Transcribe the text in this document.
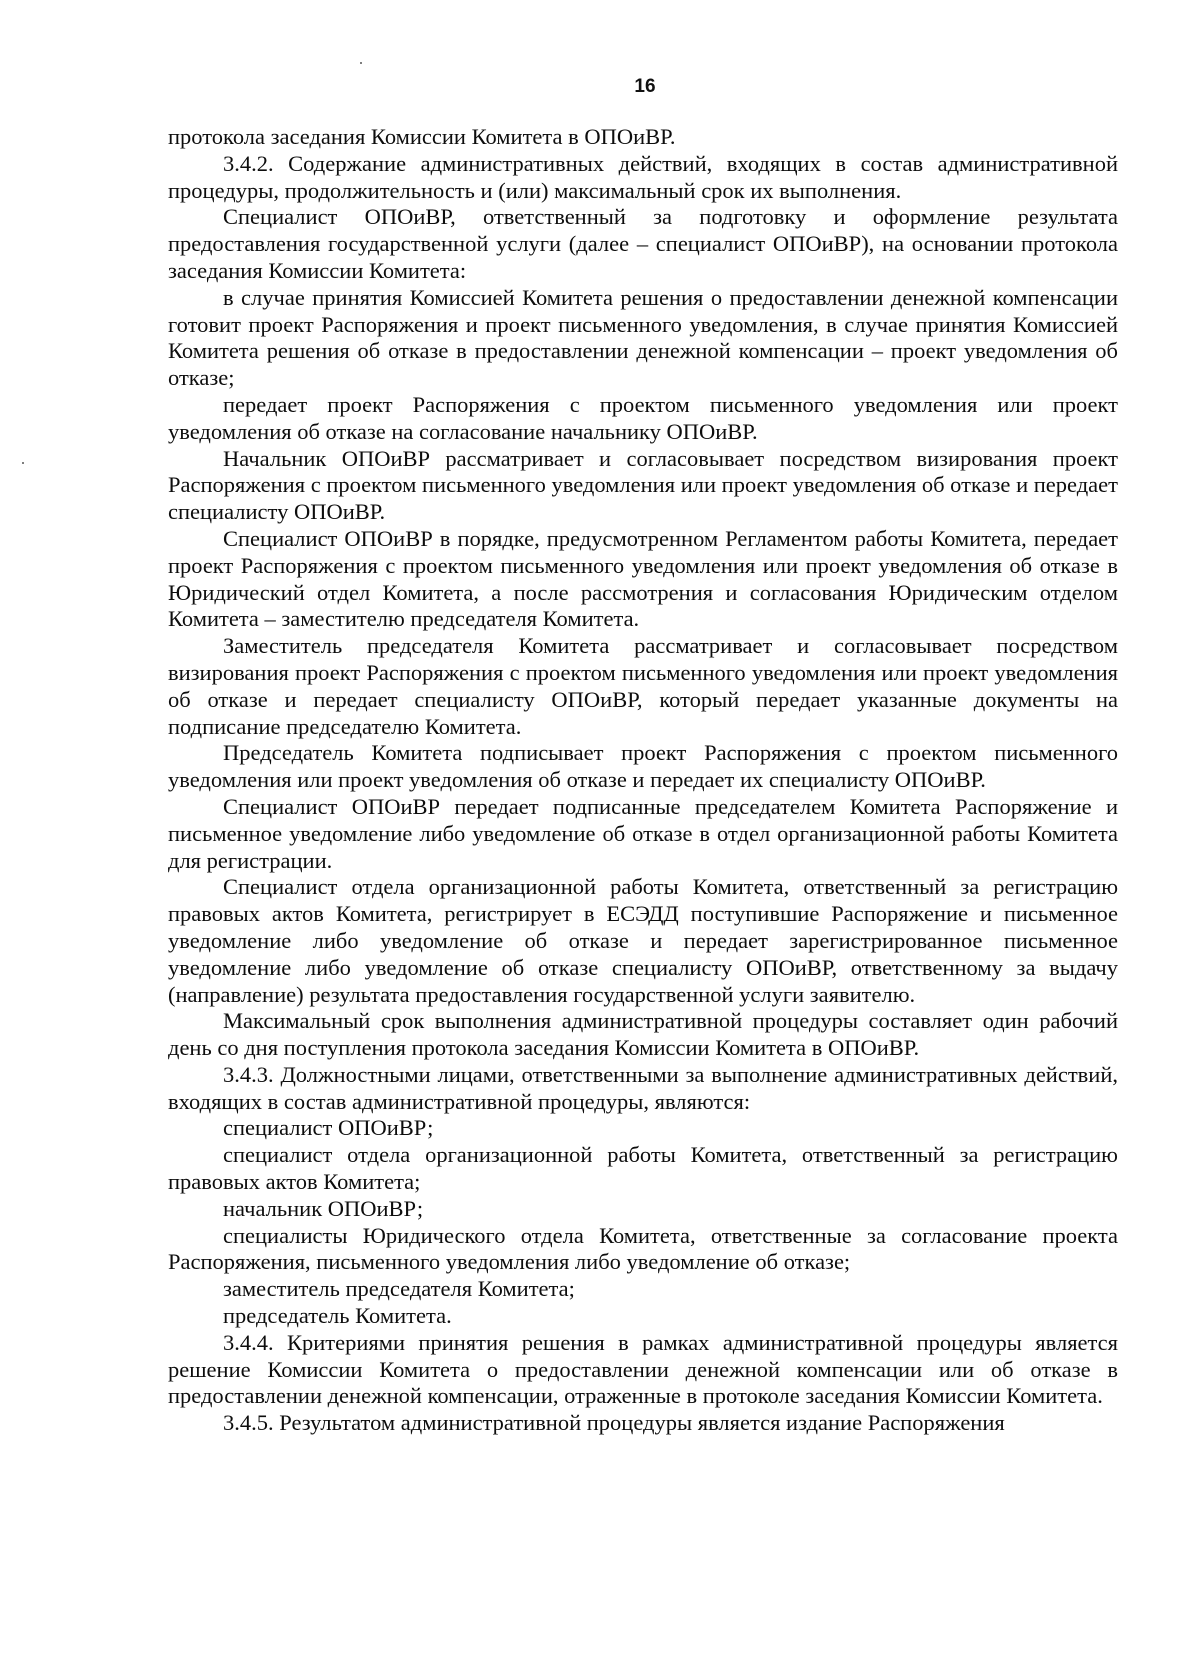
16

протокола заседания Комиссии Комитета в ОПОиВР.

3.4.2. Содержание административных действий, входящих в состав административной процедуры, продолжительность и (или) максимальный срок их выполнения.

Специалист ОПОиВР, ответственный за подготовку и оформление результата предоставления государственной услуги (далее – специалист ОПОиВР), на основании протокола заседания Комиссии Комитета:

в случае принятия Комиссией Комитета решения о предоставлении денежной компенсации готовит проект Распоряжения и проект письменного уведомления, в случае принятия Комиссией Комитета решения об отказе в предоставлении денежной компенсации – проект уведомления об отказе;

передает проект Распоряжения с проектом письменного уведомления или проект уведомления об отказе на согласование начальнику ОПОиВР.

Начальник ОПОиВР рассматривает и согласовывает посредством визирования проект Распоряжения с проектом письменного уведомления или проект уведомления об отказе и передает специалисту ОПОиВР.

Специалист ОПОиВР в порядке, предусмотренном Регламентом работы Комитета, передает проект Распоряжения с проектом письменного уведомления или проект уведомления об отказе в Юридический отдел Комитета, а после рассмотрения и согласования Юридическим отделом Комитета – заместителю председателя Комитета.

Заместитель председателя Комитета рассматривает и согласовывает посредством визирования проект Распоряжения с проектом письменного уведомления или проект уведомления об отказе и передает специалисту ОПОиВР, который передает указанные документы на подписание председателю Комитета.

Председатель Комитета подписывает проект Распоряжения с проектом письменного уведомления или проект уведомления об отказе и передает их специалисту ОПОиВР.

Специалист ОПОиВР передает подписанные председателем Комитета Распоряжение и письменное уведомление либо уведомление об отказе в отдел организационной работы Комитета для регистрации.

Специалист отдела организационной работы Комитета, ответственный за регистрацию правовых актов Комитета, регистрирует в ЕСЭДД поступившие Распоряжение и письменное уведомление либо уведомление об отказе и передает зарегистрированное письменное уведомление либо уведомление об отказе специалисту ОПОиВР, ответственному за выдачу (направление) результата предоставления государственной услуги заявителю.

Максимальный срок выполнения административной процедуры составляет один рабочий день со дня поступления протокола заседания Комиссии Комитета в ОПОиВР.

3.4.3. Должностными лицами, ответственными за выполнение административных действий, входящих в состав административной процедуры, являются:

специалист ОПОиВР;

специалист отдела организационной работы Комитета, ответственный за регистрацию правовых актов Комитета;

начальник ОПОиВР;

специалисты Юридического отдела Комитета, ответственные за согласование проекта Распоряжения, письменного уведомления либо уведомление об отказе;

заместитель председателя Комитета;

председатель Комитета.

3.4.4. Критериями принятия решения в рамках административной процедуры является решение Комиссии Комитета о предоставлении денежной компенсации или об отказе в предоставлении денежной компенсации, отраженные в протоколе заседания Комиссии Комитета.

3.4.5. Результатом административной процедуры является издание Распоряжения
